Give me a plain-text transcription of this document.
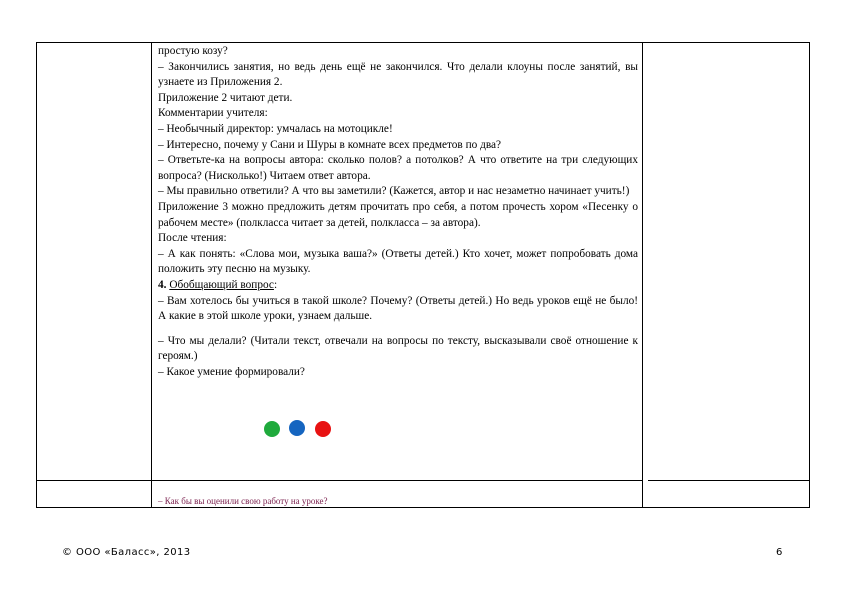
простую козу?

– Закончились занятия, но ведь день ещё не закончился. Что делали клоуны после занятий, вы узнаете из Приложения 2.

Приложение 2 читают дети.

Комментарии учителя:

– Необычный директор: умчалась на мотоцикле!

– Интересно, почему у Сани и Шуры в комнате всех предметов по два?

– Ответьте-ка на вопросы автора: сколько полов? а потолков? А что ответите на три следующих вопроса? (Нисколько!) Читаем ответ автора.

– Мы правильно ответили? А что вы заметили? (Кажется, автор и нас незаметно начинает учить!)

Приложение 3 можно предложить детям прочитать про себя, а потом прочесть хором «Песенку о рабочем месте» (полкласса читает за детей, полкласса – за автора).

После чтения:

– А как понять: «Слова мои, музыка ваша?» (Ответы детей.) Кто хочет, может попробовать дома положить эту песню на музыку.

4. Обобщающий вопрос:

– Вам хотелось бы учиться в такой школе? Почему? (Ответы детей.) Но ведь уроков ещё не было! А какие в этой школе уроки, узнаем дальше.

– Что мы делали? (Читали текст, отвечали на вопросы по тексту, высказывали своё отношение к героям.)

– Какое умение формировали?

– Как бы вы оценили свою работу на уроке?
© ООО «Баласс», 2013	6
